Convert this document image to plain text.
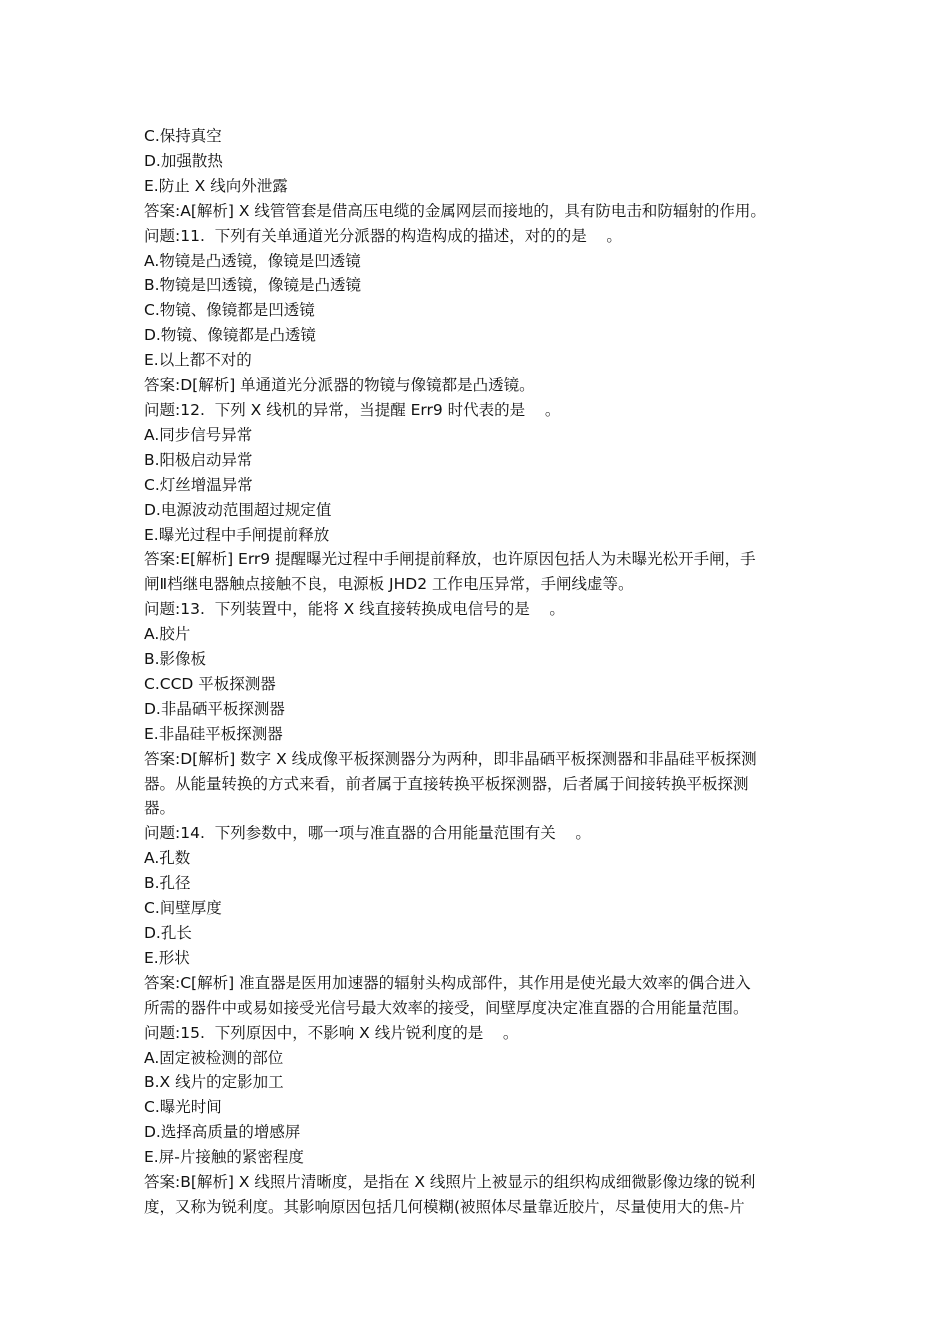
C.保持真空
D.加强散热
E.防止 X 线向外泄露
答案:A[解析] X 线管管套是借高压电缆的金属网层而接地的，具有防电击和防辐射的作用。
问题:11.  下列有关单通道光分派器的构造构成的描述，对的的是    。
A.物镜是凸透镜，像镜是凹透镜
B.物镜是凹透镜，像镜是凸透镜
C.物镜、像镜都是凹透镜
D.物镜、像镜都是凸透镜
E.以上都不对的
答案:D[解析] 单通道光分派器的物镜与像镜都是凸透镜。
问题:12.  下列 X 线机的异常，当提醒 Err9 时代表的是    。
A.同步信号异常
B.阳极启动异常
C.灯丝增温异常
D.电源波动范围超过规定值
E.曝光过程中手闸提前释放
答案:E[解析] Err9 提醒曝光过程中手闸提前释放，也许原因包括人为未曝光松开手闸，手
闸Ⅱ档继电器触点接触不良，电源板 JHD2 工作电压异常，手闸线虚等。
问题:13.  下列装置中，能将 X 线直接转换成电信号的是    。
A.胶片
B.影像板
C.CCD 平板探测器
D.非晶硒平板探测器
E.非晶硅平板探测器
答案:D[解析] 数字 X 线成像平板探测器分为两种，即非晶硒平板探测器和非晶硅平板探测
器。从能量转换的方式来看，前者属于直接转换平板探测器，后者属于间接转换平板探测
器。
问题:14.  下列参数中，哪一项与准直器的合用能量范围有关    。
A.孔数
B.孔径
C.间壁厚度
D.孔长
E.形状
答案:C[解析] 准直器是医用加速器的辐射头构成部件，其作用是使光最大效率的偶合进入
所需的器件中或易如接受光信号最大效率的接受，间壁厚度决定准直器的合用能量范围。
问题:15.  下列原因中，不影响 X 线片锐利度的是    。
A.固定被检测的部位
B.X 线片的定影加工
C.曝光时间
D.选择高质量的增感屏
E.屏-片接触的紧密程度
答案:B[解析] X 线照片清晰度，是指在 X 线照片上被显示的组织构成细微影像边缘的锐利
度，又称为锐利度。其影响原因包括几何模糊(被照体尽量靠近胶片，尽量使用大的焦-片
